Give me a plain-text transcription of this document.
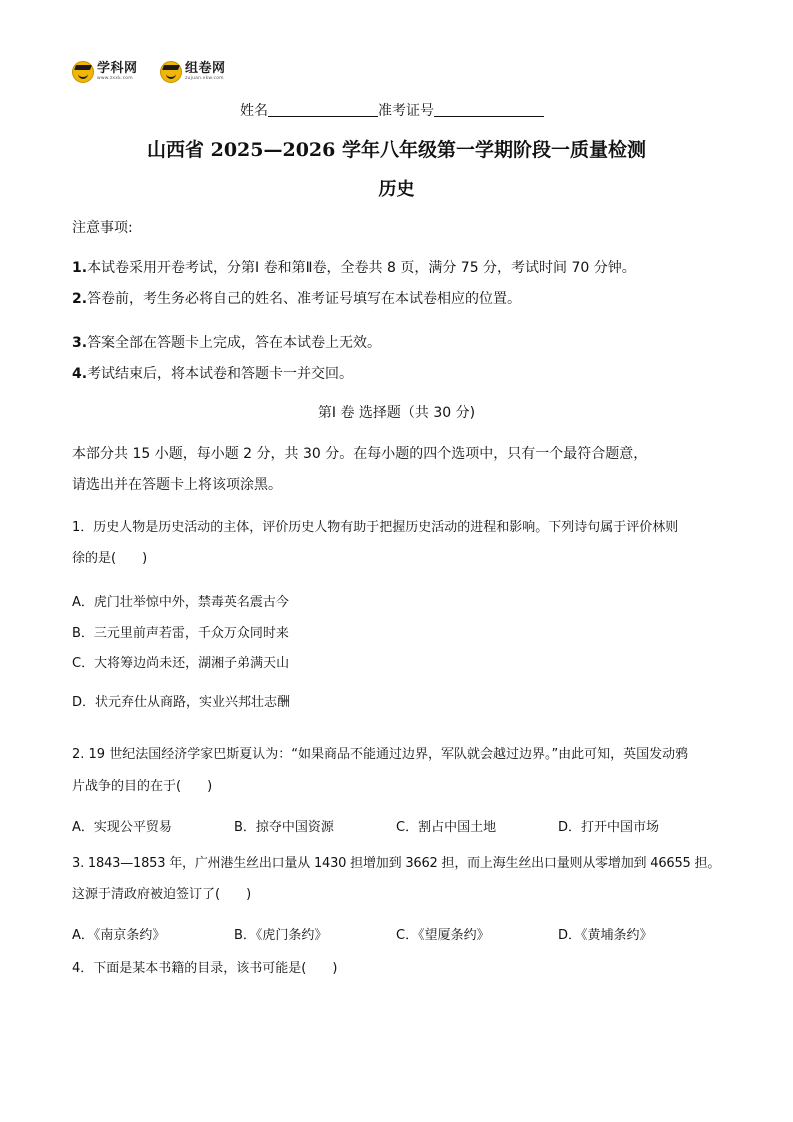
学科网
www.zxxk.com
组卷网
zujuan.xkw.com
姓名	准考证号
山西省 2025—2026 学年八年级第一学期阶段一质量检测
历史
注意事项:
1.本试卷采用开卷考试，分第Ⅰ 卷和第Ⅱ卷，全卷共 8 页，满分 75 分，考试时间 70 分钟。
2.答卷前，考生务必将自己的姓名、准考证号填写在本试卷相应的位置。
3.答案全部在答题卡上完成，答在本试卷上无效。
4.考试结束后，将本试卷和答题卡一并交回。
第Ⅰ 卷 选择题（共 30 分)
本部分共 15 小题，每小题 2 分，共 30 分。在每小题的四个选项中，只有一个最符合题意，
请选出并在答题卡上将该项涂黑。
1．历史人物是历史活动的主体，评价历史人物有助于把握历史活动的进程和影响。下列诗句属于评价林则
徐的是(　　)
A．虎门壮举惊中外，禁毒英名震古今
B．三元里前声若雷，千众万众同时来
C．大将筹边尚未还，湖湘子弟满天山
D．状元弃仕从商路，实业兴邦壮志酬
2. 19 世纪法国经济学家巴斯夏认为：“如果商品不能通过边界，军队就会越过边界。”由此可知，英国发动鸦
片战争的目的在于(　　)
A．实现公平贸易	B．掠夺中国资源	C．割占中国土地	D．打开中国市场
3. 1843—1853 年，广州港生丝出口量从 1430 担增加到 3662 担，而上海生丝出口量则从零增加到 46655 担。
这源于清政府被迫签订了(　　)
A．《南京条约》	B．《虎门条约》	C．《望厦条约》	D．《黄埔条约》
4．下面是某本书籍的目录，该书可能是(　　)
